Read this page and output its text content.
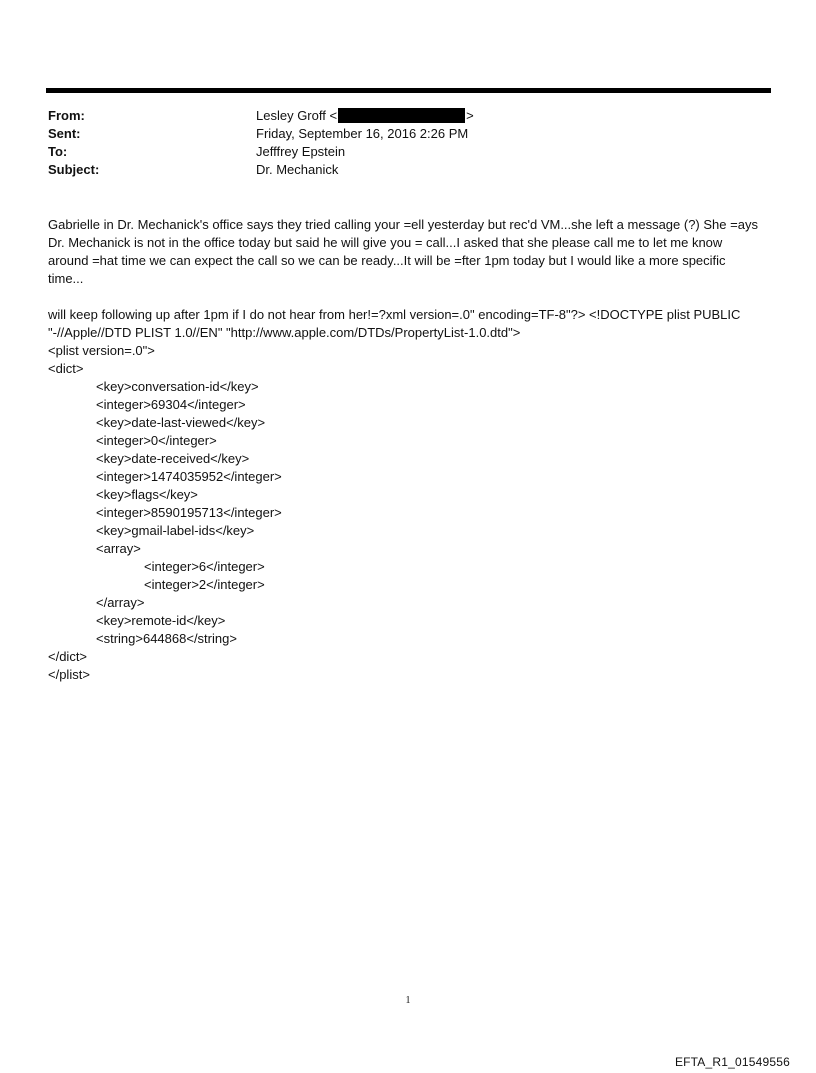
From:	Lesley Groff <	>
Sent:	Friday, September 16, 2016 2:26 PM
To:	Jefffrey Epstein
Subject:	Dr. Mechanick

Gabrielle in Dr. Mechanick's office says they tried calling your =ell yesterday but rec'd VM...she left a message (?) She =ays Dr. Mechanick is not in the office today but said he will give you = call...I asked that she please call me to let me know around =hat time we can expect the call so we can be ready...It will be =fter 1pm today but I would like a more specific time...

will keep following up after 1pm if I do not hear from her!=?xml version=.0" encoding=TF-8"?> <!DOCTYPE plist PUBLIC "-//Apple//DTD PLIST 1.0//EN" "http://www.apple.com/DTDs/PropertyList-1.0.dtd">

<plist version=.0">
<dict>
<key>conversation-id</key>
<integer>69304</integer>
<key>date-last-viewed</key>
<integer>0</integer>
<key>date-received</key>
<integer>1474035952</integer>
<key>flags</key>
<integer>8590195713</integer>
<key>gmail-label-ids</key>
<array>
<integer>6</integer>
<integer>2</integer>
</array>
<key>remote-id</key>
<string>644868</string>
</dict>
</plist>
1
EFTA_R1_01549556
